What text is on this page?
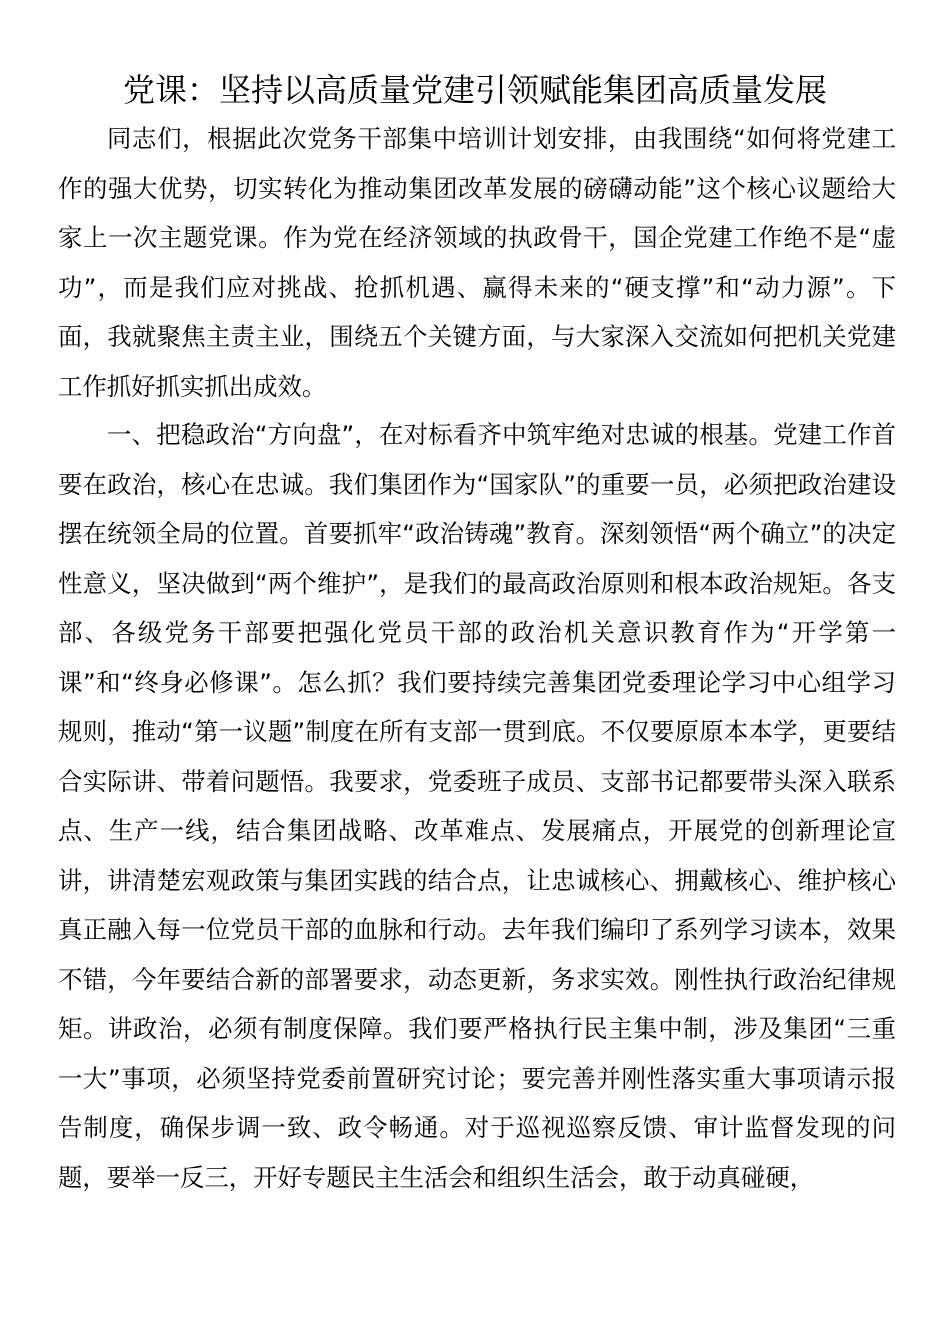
党课：坚持以高质量党建引领赋能集团高质量发展

同志们，根据此次党务干部集中培训计划安排，由我围绕“如何将党建工作的强大优势，切实转化为推动集团改革发展的磅礴动能”这个核心议题给大家上一次主题党课。作为党在经济领域的执政骨干，国企党建工作绝不是“虚功”，而是我们应对挑战、抢抓机遇、赢得未来的“硬支撑”和“动力源”。下面，我就聚焦主责主业，围绕五个关键方面，与大家深入交流如何把机关党建工作抓好抓实抓出成效。

一、把稳政治“方向盘”，在对标看齐中筑牢绝对忠诚的根基。党建工作首要在政治，核心在忠诚。我们集团作为“国家队”的重要一员，必须把政治建设摆在统领全局的位置。首要抓牢“政治铸魂”教育。深刻领悟“两个确立”的决定性意义，坚决做到“两个维护”，是我们的最高政治原则和根本政治规矩。各支部、各级党务干部要把强化党员干部的政治机关意识教育作为“开学第一课”和“终身必修课”。怎么抓？我们要持续完善集团党委理论学习中心组学习规则，推动“第一议题”制度在所有支部一贯到底。不仅要原原本本学，更要结合实际讲、带着问题悟。我要求，党委班子成员、支部书记都要带头深入联系点、生产一线，结合集团战略、改革难点、发展痛点，开展党的创新理论宣讲，讲清楚宏观政策与集团实践的结合点，让忠诚核心、拥戴核心、维护核心真正融入每一位党员干部的血脉和行动。去年我们编印了系列学习读本，效果不错，今年要结合新的部署要求，动态更新，务求实效。刚性执行政治纪律规矩。讲政治，必须有制度保障。我们要严格执行民主集中制，涉及集团“三重一大”事项，必须坚持党委前置研究讨论；要完善并刚性落实重大事项请示报告制度，确保步调一致、政令畅通。对于巡视巡察反馈、审计监督发现的问题，要举一反三，开好专题民主生活会和组织生活会，敢于动真碰硬，
